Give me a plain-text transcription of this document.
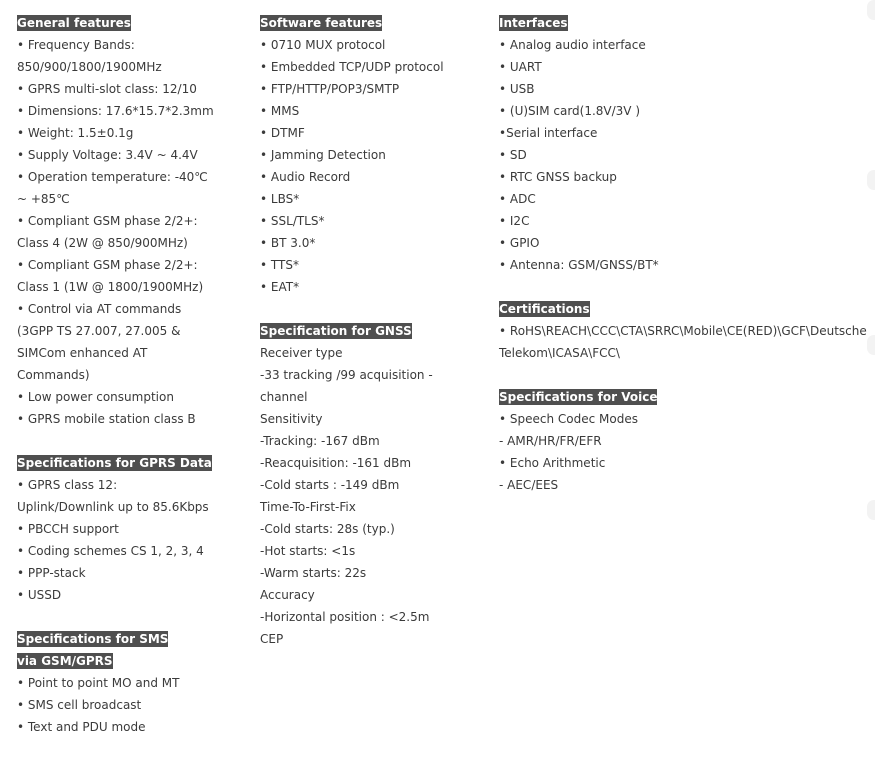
General features
• Frequency Bands:
850/900/1800/1900MHz
• GPRS multi-slot class: 12/10
• Dimensions: 17.6*15.7*2.3mm
• Weight: 1.5±0.1g
• Supply Voltage: 3.4V ~ 4.4V
• Operation temperature: -40℃
~ +85℃
• Compliant GSM phase 2/2+:
Class 4 (2W @ 850/900MHz)
• Compliant GSM phase 2/2+:
Class 1 (1W @ 1800/1900MHz)
• Control via AT commands
(3GPP TS 27.007, 27.005 &
SIMCom enhanced AT
Commands)
• Low power consumption
• GPRS mobile station class B
Specifications for GPRS Data
• GPRS class 12:
Uplink/Downlink up to 85.6Kbps
• PBCCH support
• Coding schemes CS 1, 2, 3, 4
• PPP-stack
• USSD
Specifications for SMS via GSM/GPRS
• Point to point MO and MT
• SMS cell broadcast
• Text and PDU mode
Software features
• 0710 MUX protocol
• Embedded TCP/UDP protocol
• FTP/HTTP/POP3/SMTP
• MMS
• DTMF
• Jamming Detection
• Audio Record
• LBS*
• SSL/TLS*
• BT 3.0*
• TTS*
• EAT*
Specification for GNSS
Receiver type
-33 tracking /99 acquisition -
channel
Sensitivity
-Tracking: -167 dBm
-Reacquisition: -161 dBm
-Cold starts : -149 dBm
Time-To-First-Fix
-Cold starts: 28s (typ.)
-Hot starts: <1s
-Warm starts: 22s
Accuracy
-Horizontal position : <2.5m
CEP
Interfaces
• Analog audio interface
• UART
• USB
• (U)SIM card(1.8V/3V )
•Serial interface
• SD
• RTC GNSS backup
• ADC
• I2C
• GPIO
• Antenna: GSM/GNSS/BT*
Certifications
• RoHS\REACH\CCC\CTA\SRRC\Mobile\CE(RED)\GCF\Deutsche
Telekom\ICASA\FCC\
Specifications for Voice
• Speech Codec Modes
- AMR/HR/FR/EFR
• Echo Arithmetic
- AEC/EES
